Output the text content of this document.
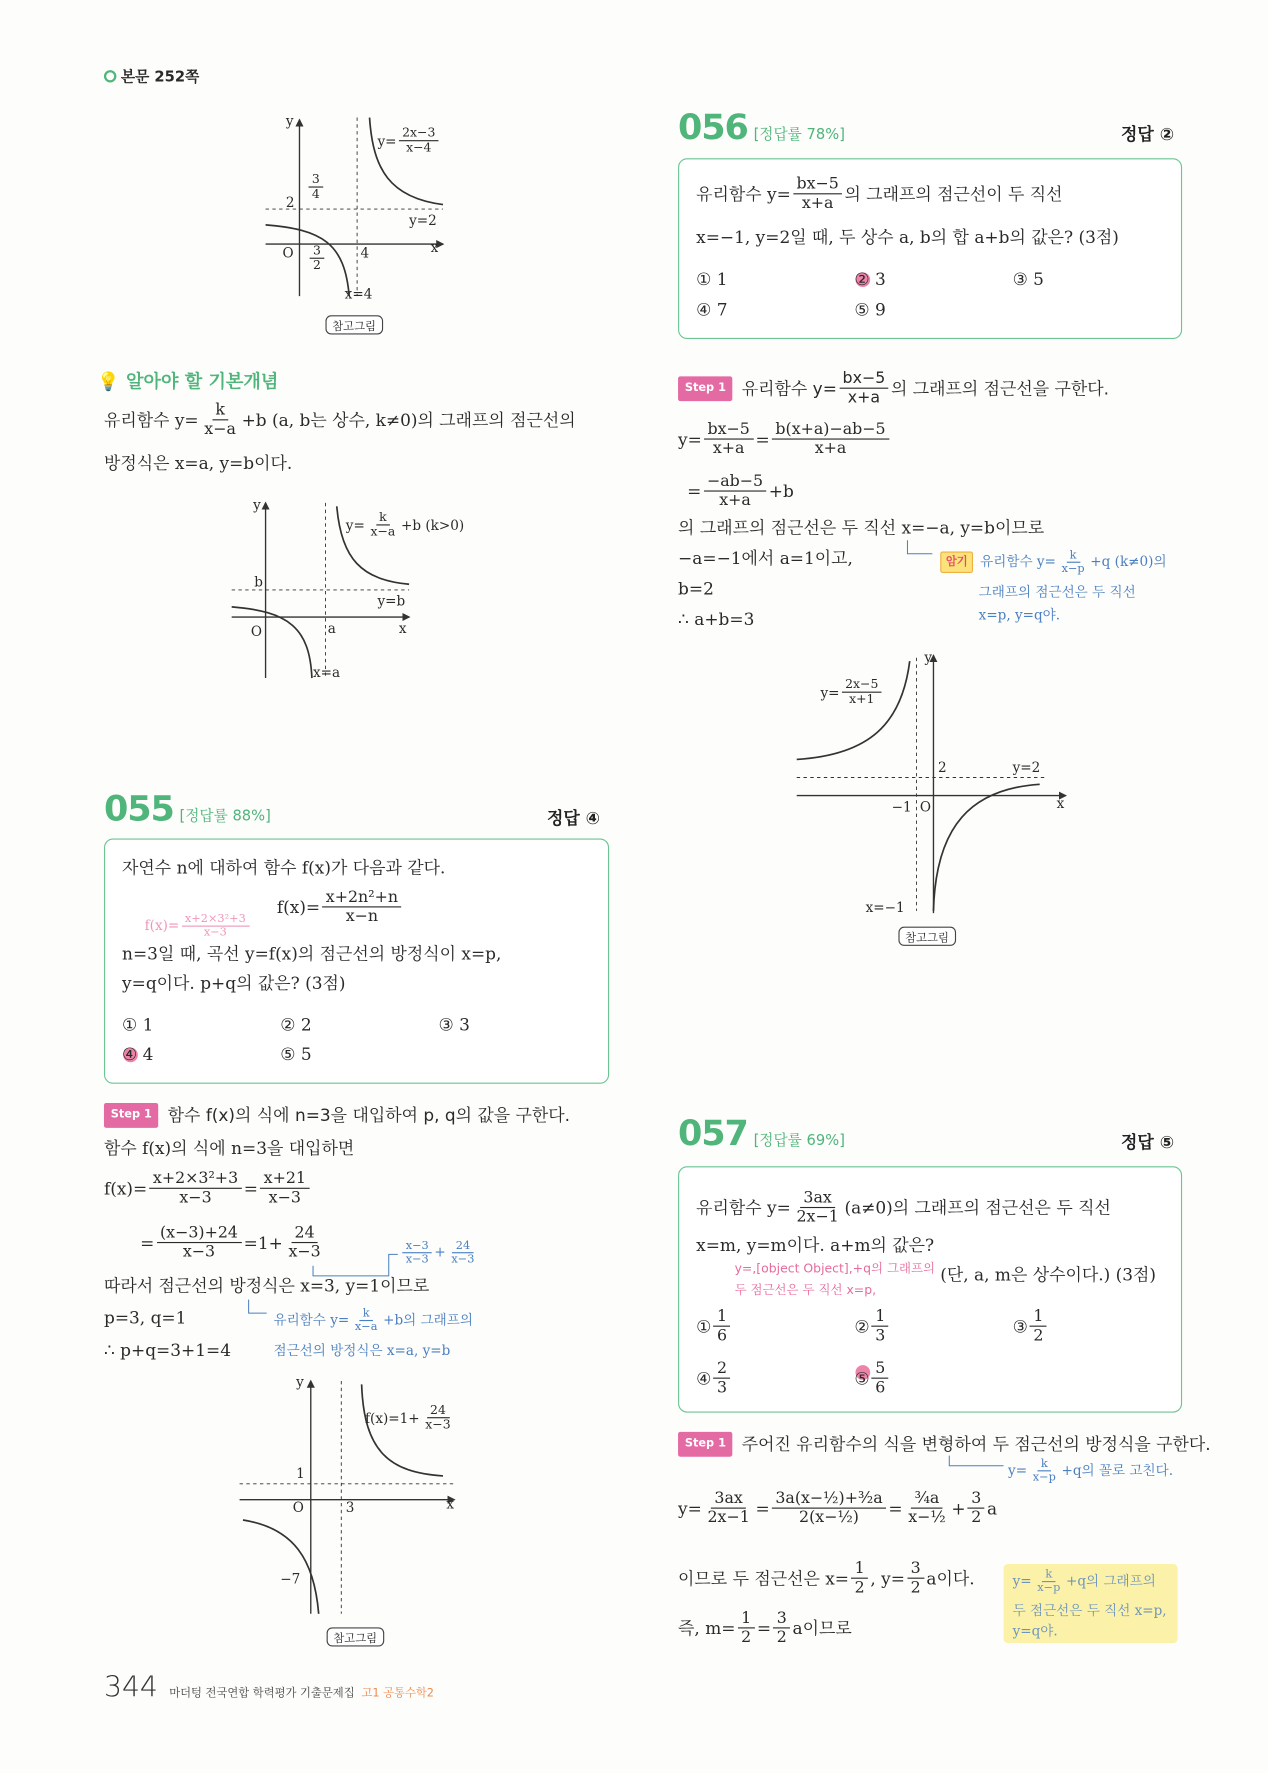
본문 252쪽
y
x
2
$\frac{3}{4}$
O $\frac{3}{2}$	4
y=2
$y= \frac{2x-3}{x-4}$
x=4
참고그림
💡 알아야 할 기본개념
유리함수 $y= \frac{k}{x-a} +b$ (a, b는 상수, k≠0)의 그래프의 점근선의
방정식은 x=a, y=b이다.
y
b
O	a	x
y=b
$y= \frac{k}{x-a} +b$ (k>0)
x=a
055 [정답률 88%]	정답 ④
자연수 n에 대하여 함수 f(x)가 다음과 같다.
$f(x)= \frac{\text{x+2n²+n}}{x-n}$
$f(x)= \frac{\text{x+2×3²+3}}{x-3}$
n=3일 때, 곡선 y=f(x)의 점근선의 방정식이 x=p,
y=q이다. p+q의 값은? (3점)
① 1	② 2	③ 3
④ 4	⑤ 5
Step 1	함수 f(x)의 식에 n=3을 대입하여 p, q의 값을 구한다.
함수 f(x)의 식에 n=3을 대입하면
$f(x)= \frac{\text{x+2×3²+3}}{x-3} = \frac{x+21}{x-3}$
= $\frac{(x-3)+24}{x-3} =1+ \frac{24}{x-3}$	$\frac{x-3}{x-3} + \frac{24}{x-3}$
따라서 점근선의 방정식은 x=3, y=1이므로
p=3, q=1	유리함수 $y= \frac{k}{x-a} +b$의 그래프의
점근선의 방정식은 x=a, y=b
∴ p+q=3+1=4
y
1
O	3	x
−7
$f(x)=1+ \frac{24}{x-3}$
참고그림
056 [정답률 78%]	정답 ②
유리함수 $y= \frac{bx-5}{x+a}$ 의 그래프의 점근선이 두 직선
x=−1, y=2일 때, 두 상수 a, b의 합 a+b의 값은? (3점)
① 1	② 3	③ 5
④ 7	⑤ 9
Step 1	유리함수 $y= \frac{bx-5}{x+a}$ 의 그래프의 점근선을 구한다.
$y= \frac{bx-5}{x+a} = \frac{b(x+a)-ab-5}{x+a}$
= $\frac{-ab-5}{x+a} +b$
의 그래프의 점근선은 두 직선 x=−a, y=b이므로
−a=−1에서 a=1이고,
b=2
∴ a+b=3
암기	유리함수 $y= \frac{k}{x-p} +q$ (k≠0)의
그래프의 점근선은 두 직선
x=p, y=q야.
y
$y= \frac{2x-5}{x+1}$
2	y=2
−1 O	x
x=−1
참고그림
057 [정답률 69%]	정답 ⑤
유리함수 $y= \frac{3ax}{2x-1} (a\ne 0)$의 그래프의 점근선은 두 직선
x=m, y=m이다. a+m의 값은?
y=,[object Object],+q의 그래프의
두 점근선은 두 직선 x=p,
(단, a, m은 상수이다.) (3점)
① $\frac{1}{6}$	② $\frac{1}{3}$	③ $\frac{1}{2}$
④ $\frac{2}{3}$	⑤ $\frac{5}{6}$
Step 1	주어진 유리함수의 식을 변형하여 두 점근선의 방정식을 구한다.
$y= \frac{k}{x-p} +q$의 꼴로 고친다.
$y= \frac{3ax}{2x-1} = \frac{\text{3a(x−½)+³⁄₂a}}{\text{2(x−½)}} = \frac{\text{³⁄₄a}}{\text{x−½}} + \frac{3}{2}$ a
이므로 두 점근선은 $x= \frac{1}{2}$ , $y= \frac{3}{2}$ a이다.
즉, $m= \frac{1}{2} = \frac{3}{2}$ a이므로
$y= \frac{k}{x-p} +q$의 그래프의
두 점근선은 두 직선 x=p,
y=q야.
344 마더텅 전국연합 학력평가 기출문제집 고1 공통수학2
